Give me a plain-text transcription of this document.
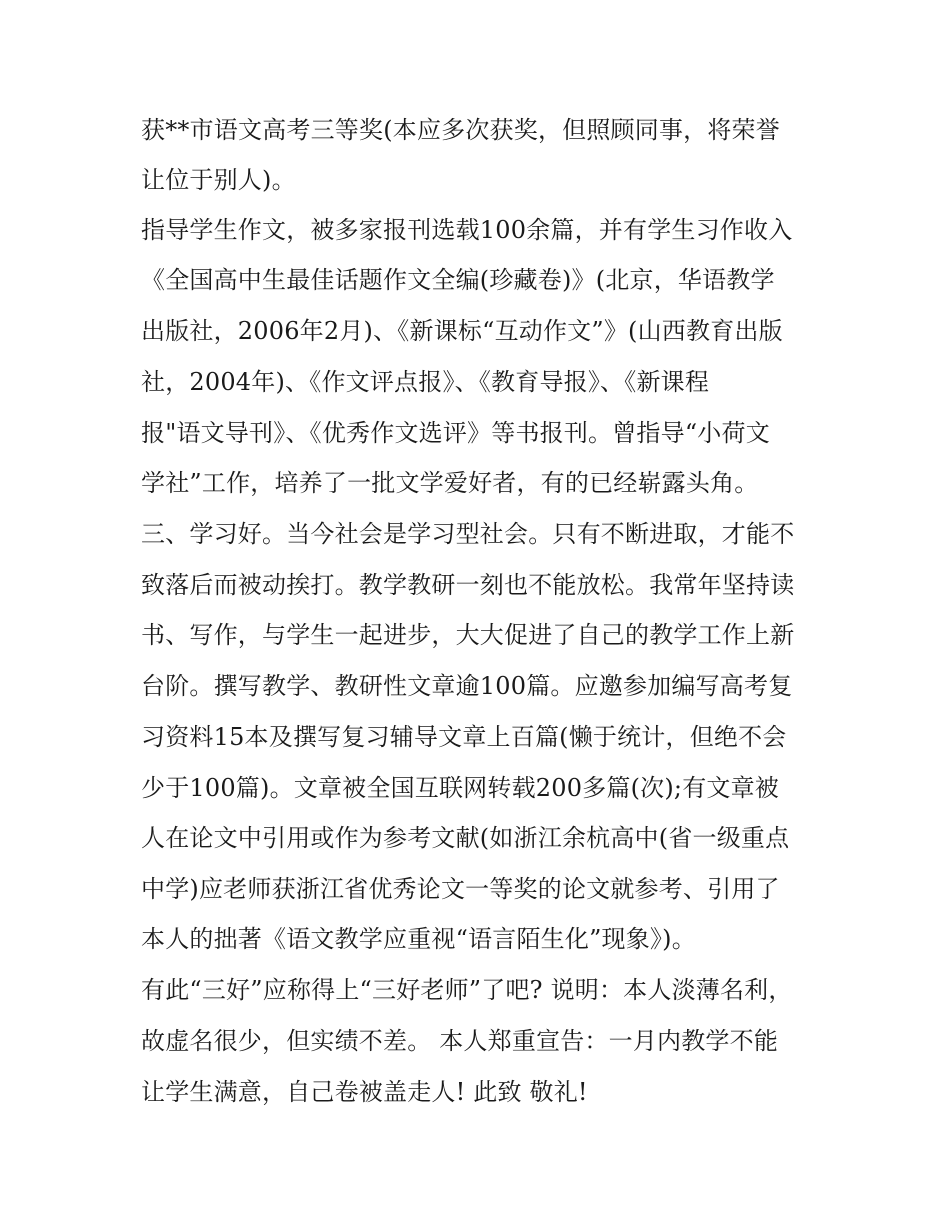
获**市语文高考三等奖(本应多次获奖，但照顾同事，将荣誉
让位于别人)。
指导学生作文，被多家报刊选载100余篇，并有学生习作收入
《全国高中生最佳话题作文全编(珍藏卷)》(北京，华语教学
出版社，2006年2月)、《新课标“互动作文”》(山西教育出版
社，2004年)、《作文评点报》、《教育导报》、《新课程
报"语文导刊》、《优秀作文选评》等书报刊。曾指导“小荷文
学社”工作，培养了一批文学爱好者，有的已经崭露头角。
三、学习好。当今社会是学习型社会。只有不断进取，才能不
致落后而被动挨打。教学教研一刻也不能放松。我常年坚持读
书、写作，与学生一起进步，大大促进了自己的教学工作上新
台阶。撰写教学、教研性文章逾100篇。应邀参加编写高考复
习资料15本及撰写复习辅导文章上百篇(懒于统计，但绝不会
少于100篇)。文章被全国互联网转载200多篇(次);有文章被
人在论文中引用或作为参考文献(如浙江余杭高中(省一级重点
中学)应老师获浙江省优秀论文一等奖的论文就参考、引用了
本人的拙著《语文教学应重视“语言陌生化”现象》)。
有此“三好”应称得上“三好老师”了吧? 说明：本人淡薄名利，
故虚名很少，但实绩不差。 本人郑重宣告：一月内教学不能
让学生满意，自己卷被盖走人! 此致 敬礼!
